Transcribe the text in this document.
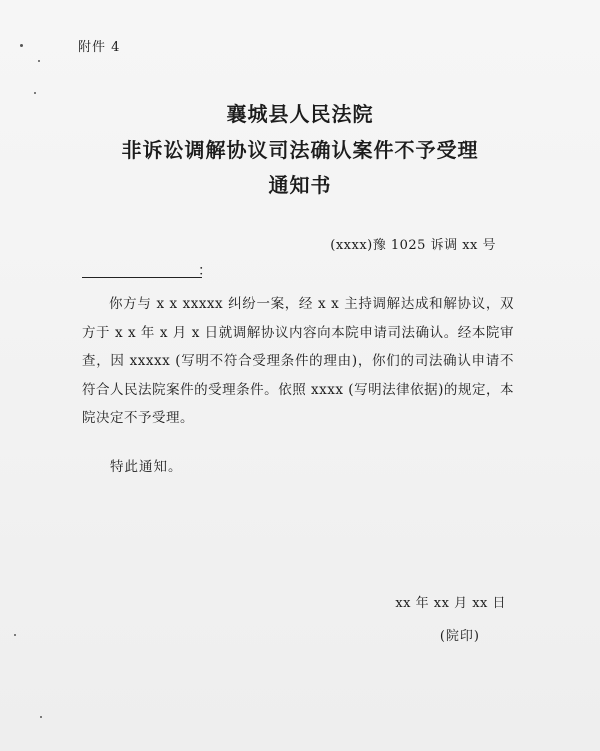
附件 4
襄城县人民法院
非诉讼调解协议司法确认案件不予受理
通知书
(xxxx)豫 1025 诉调 xx 号
：

你方与 x x xxxxx 纠纷一案，经 x x 主持调解达成和解协议，双方于 x x 年 x 月 x 日就调解协议内容向本院申请司法确认。经本院审查，因 xxxxx (写明不符合受理条件的理由)，你们的司法确认申请不符合人民法院案件的受理条件。依照 xxxx (写明法律依据)的规定，本院决定不予受理。

特此通知。
xx 年 xx 月 xx 日
(院印)
